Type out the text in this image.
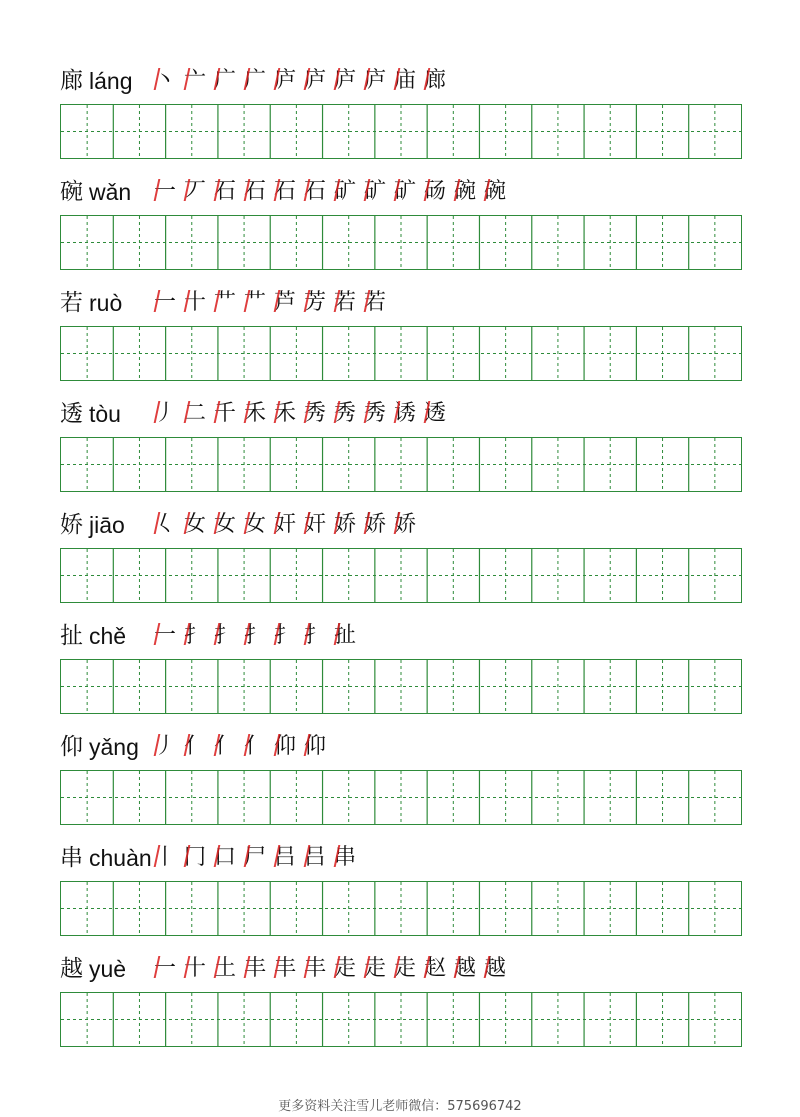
廊 láng 丶 亠 广 广 庐 庐 庐 庐 庙 廊
碗 wǎn 一 丆 石 石 石 石 矿 矿 矿 砀 碗 碗
若 ruò 一 十 艹 艹 芦 芳 若 若
透 tòu 丿 二 千 禾 禾 秀 秀 秀 诱 透
娇 jiāo 𡿨 女 女 女 奸 奸 娇 娇 娇
扯 chě 一 扌 扌 扌 扌 扌 扯
仰 yǎng 丿 亻 亻 亻 仰 仰
串 chuàn 丨 冂 口 尸 吕 吕 串
越 yuè 一 十 土 丰 丰 丰 走 走 走 赵 越 越
更多资料关注雪儿老师微信：575696742
